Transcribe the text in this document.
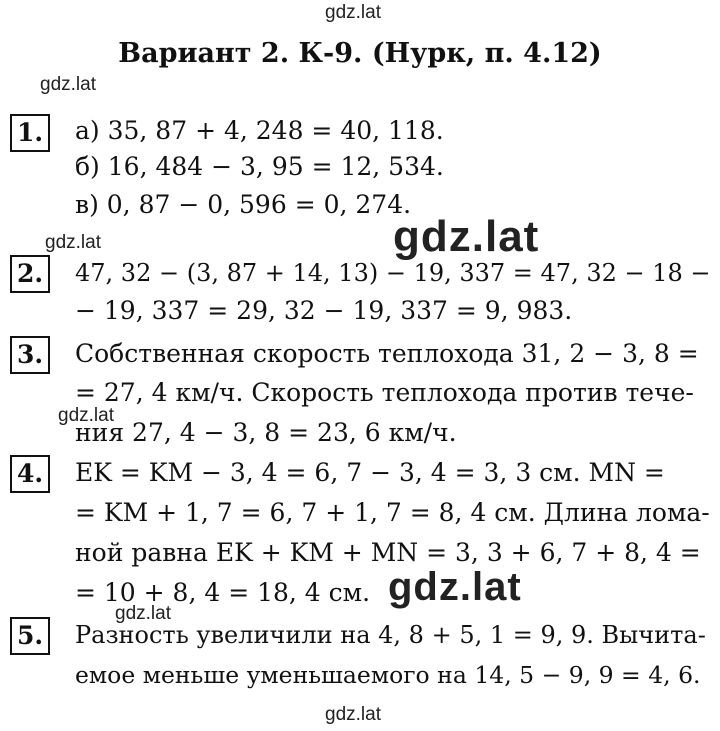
gdz.lat
gdz.lat
gdz.lat	gdz.lat
gdz.lat
gdz.lat
gdz.lat
gdz.lat
Вариант 2. К-9. (Нурк, п. 4.12)
1. а) 35, 87 + 4, 248 = 40, 118.
б) 16, 484 − 3, 95 = 12, 534.
в) 0, 87 − 0, 596 = 0, 274.
2. 47, 32 − (3, 87 + 14, 13) − 19, 337 = 47, 32 − 18 −
− 19, 337 = 29, 32 − 19, 337 = 9, 983.
3. Собственная скорость теплохода 31, 2 − 3, 8 =
= 27, 4 км/ч. Скорость теплохода против тече-
ния 27, 4 − 3, 8 = 23, 6 км/ч.
4. EK = KM − 3, 4 = 6, 7 − 3, 4 = 3, 3 см. MN =
= KM + 1, 7 = 6, 7 + 1, 7 = 8, 4 см. Длина лома-
ной равна EK + KM + MN = 3, 3 + 6, 7 + 8, 4 =
= 10 + 8, 4 = 18, 4 см.
5. Разность увеличили на 4, 8 + 5, 1 = 9, 9. Вычита-
емое меньше уменьшаемого на 14, 5 − 9, 9 = 4, 6.
